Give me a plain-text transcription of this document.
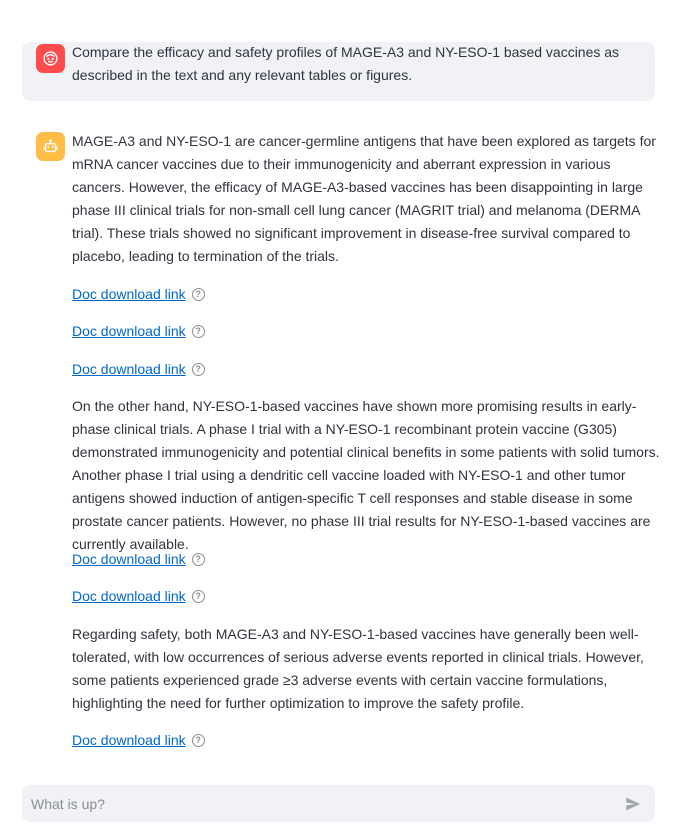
Compare the efficacy and safety profiles of MAGE-A3 and NY-ESO-1 based vaccines as described in the text and any relevant tables or figures.
MAGE-A3 and NY-ESO-1 are cancer-germline antigens that have been explored as targets for mRNA cancer vaccines due to their immunogenicity and aberrant expression in various cancers. However, the efficacy of MAGE-A3-based vaccines has been disappointing in large phase III clinical trials for non-small cell lung cancer (MAGRIT trial) and melanoma (DERMA trial). These trials showed no significant improvement in disease-free survival compared to placebo, leading to termination of the trials.
Doc download link	?
Doc download link	?
Doc download link	?
On the other hand, NY-ESO-1-based vaccines have shown more promising results in early-phase clinical trials. A phase I trial with a NY-ESO-1 recombinant protein vaccine (G305) demonstrated immunogenicity and potential clinical benefits in some patients with solid tumors. Another phase I trial using a dendritic cell vaccine loaded with NY-ESO-1 and other tumor antigens showed induction of antigen-specific T cell responses and stable disease in some prostate cancer patients. However, no phase III trial results for NY-ESO-1-based vaccines are currently available.
Doc download link	?
Doc download link	?
Regarding safety, both MAGE-A3 and NY-ESO-1-based vaccines have generally been well-tolerated, with low occurrences of serious adverse events reported in clinical trials. However, some patients experienced grade ≥3 adverse events with certain vaccine formulations, highlighting the need for further optimization to improve the safety profile.
Doc download link	?
What is up?
